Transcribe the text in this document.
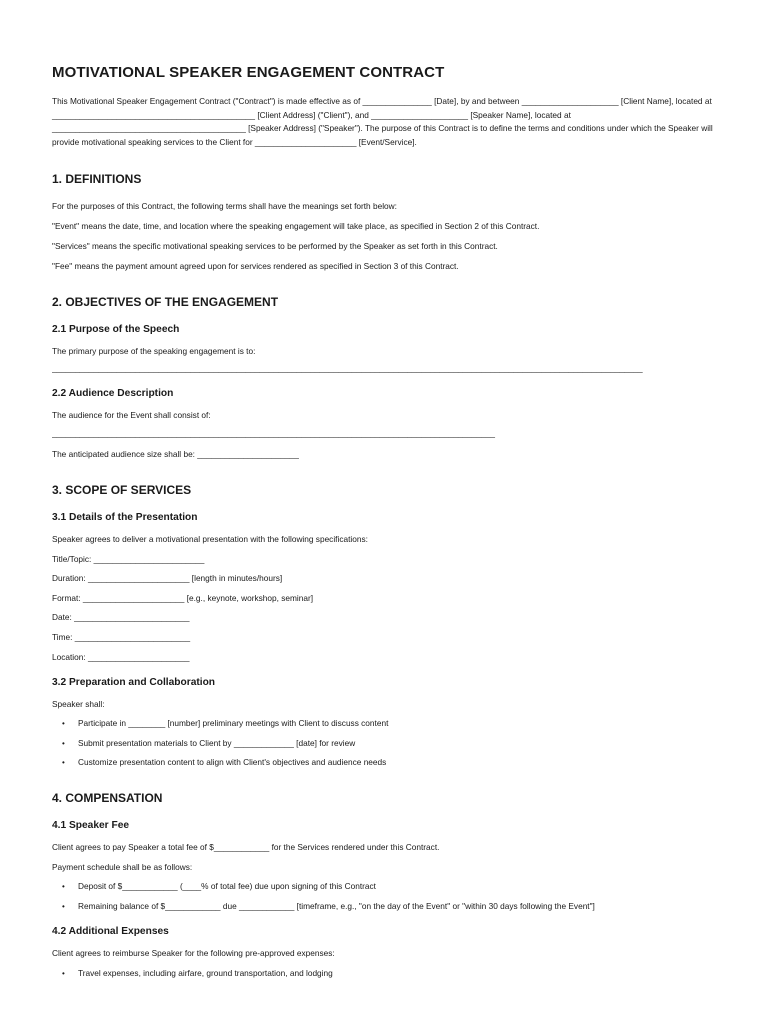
MOTIVATIONAL SPEAKER ENGAGEMENT CONTRACT

This Motivational Speaker Engagement Contract ("Contract") is made effective as of _______________ [Date], by and between _____________________ [Client Name], located at ____________________________________________ [Client Address] ("Client"), and _____________________ [Speaker Name], located at __________________________________________ [Speaker Address] ("Speaker"). The purpose of this Contract is to define the terms and conditions under which the Speaker will provide motivational speaking services to the Client for ______________________ [Event/Service].

1. DEFINITIONS

For the purposes of this Contract, the following terms shall have the meanings set forth below:

"Event" means the date, time, and location where the speaking engagement will take place, as specified in Section 2 of this Contract.

"Services" means the specific motivational speaking services to be performed by the Speaker as set forth in this Contract.

"Fee" means the payment amount agreed upon for services rendered as specified in Section 3 of this Contract.

2. OBJECTIVES OF THE ENGAGEMENT
2.1 Purpose of the Speech

The primary purpose of the speaking engagement is to:

________________________________________________________________________________________________________________________________

2.2 Audience Description

The audience for the Event shall consist of:

________________________________________________________________________________________________

The anticipated audience size shall be: ______________________

3. SCOPE OF SERVICES
3.1 Details of the Presentation

Speaker agrees to deliver a motivational presentation with the following specifications:

Title/Topic: ________________________

Duration: ______________________ [length in minutes/hours]

Format: ______________________ [e.g., keynote, workshop, seminar]

Date: _________________________

Time: _________________________

Location: ______________________

3.2 Preparation and Collaboration

Speaker shall:

• Participate in ________ [number] preliminary meetings with Client to discuss content
• Submit presentation materials to Client by _____________ [date] for review
• Customize presentation content to align with Client's objectives and audience needs
4. COMPENSATION
4.1 Speaker Fee

Client agrees to pay Speaker a total fee of $____________ for the Services rendered under this Contract.

Payment schedule shall be as follows:

• Deposit of $____________ (____% of total fee) due upon signing of this Contract
• Remaining balance of $____________ due ____________ [timeframe, e.g., "on the day of the Event" or "within 30 days following the Event"]
4.2 Additional Expenses

Client agrees to reimburse Speaker for the following pre-approved expenses:

• Travel expenses, including airfare, ground transportation, and lodging
